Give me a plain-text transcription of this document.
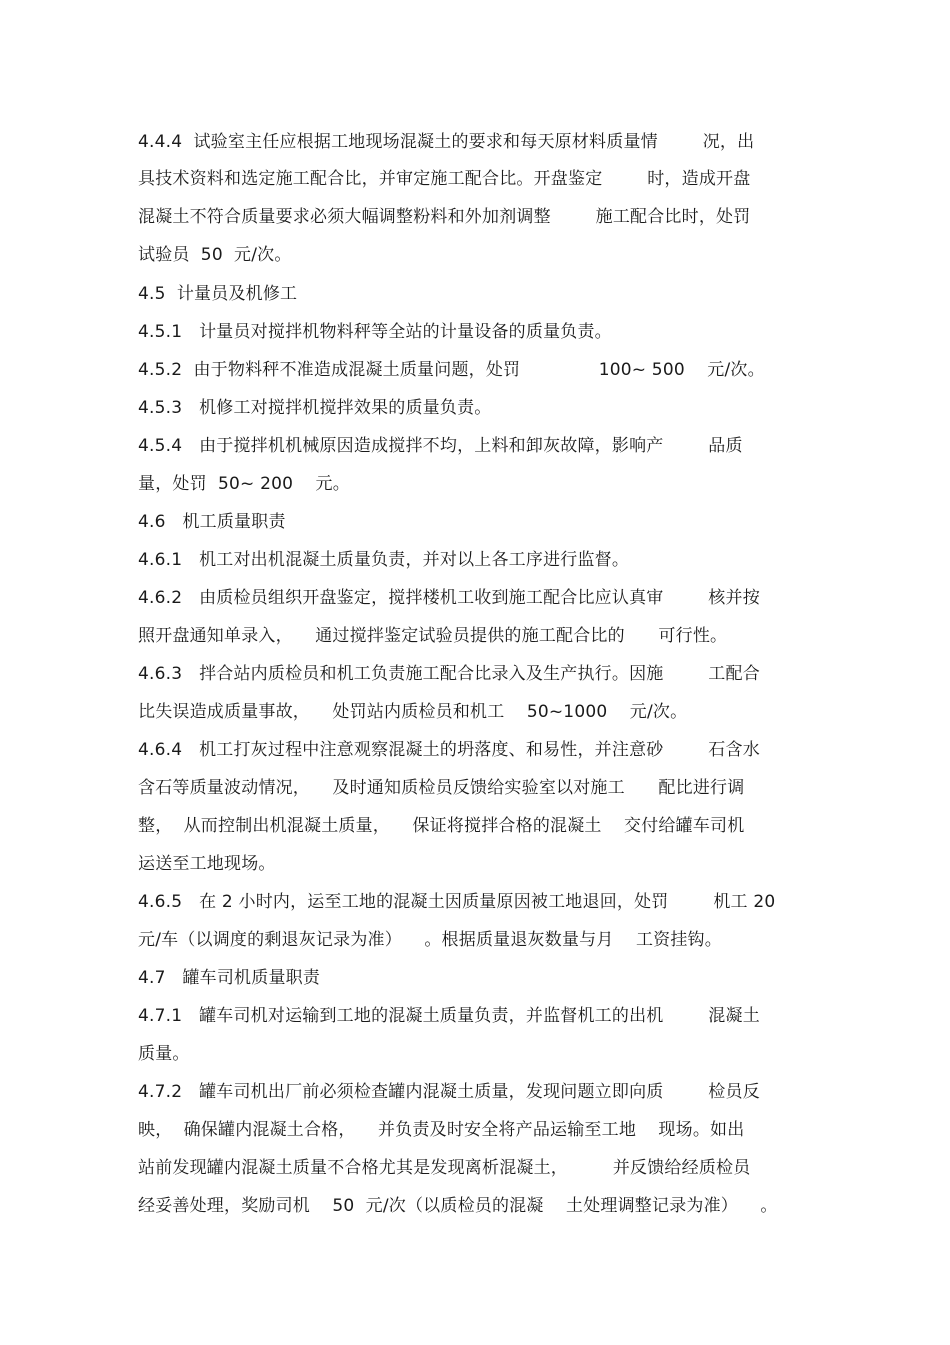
4.4.4  试验室主任应根据工地现场混凝土的要求和每天原材料质量情        况，出

具技术资料和选定施工配合比，并审定施工配合比。开盘鉴定        时，造成开盘

混凝土不符合质量要求必须大幅调整粉料和外加剂调整        施工配合比时，处罚

试验员  50  元/次。

4.5  计量员及机修工

4.5.1   计量员对搅拌机物料秤等全站的计量设备的质量负责。

4.5.2  由于物料秤不准造成混凝土质量问题，处罚              100~ 500    元/次。

4.5.3   机修工对搅拌机搅拌效果的质量负责。

4.5.4   由于搅拌机机械原因造成搅拌不均，上料和卸灰故障，影响产        品质

量，处罚  50~ 200    元。

4.6   机工质量职责

4.6.1   机工对出机混凝土质量负责，并对以上各工序进行监督。

4.6.2   由质检员组织开盘鉴定，搅拌楼机工收到施工配合比应认真审        核并按

照开盘通知单录入，    通过搅拌鉴定试验员提供的施工配合比的      可行性。

4.6.3   拌合站内质检员和机工负责施工配合比录入及生产执行。因施        工配合

比失误造成质量事故，    处罚站内质检员和机工    50~1000    元/次。

4.6.4   机工打灰过程中注意观察混凝土的坍落度、和易性，并注意砂        石含水

含石等质量波动情况，    及时通知质检员反馈给实验室以对施工      配比进行调

整，  从而控制出机混凝土质量，    保证将搅拌合格的混凝土    交付给罐车司机

运送至工地现场。

4.6.5   在 2 小时内，运至工地的混凝土因质量原因被工地退回，处罚        机工 20

元/车（以调度的剩退灰记录为准）    。根据质量退灰数量与月    工资挂钩。

4.7   罐车司机质量职责

4.7.1   罐车司机对运输到工地的混凝土质量负责，并监督机工的出机        混凝土

质量。

4.7.2   罐车司机出厂前必须检查罐内混凝土质量，发现问题立即向质        检员反

映，  确保罐内混凝土合格，    并负责及时安全将产品运输至工地    现场。如出

站前发现罐内混凝土质量不合格尤其是发现离析混凝土，        并反馈给经质检员

经妥善处理，奖励司机    50  元/次（以质检员的混凝    土处理调整记录为准）    。
